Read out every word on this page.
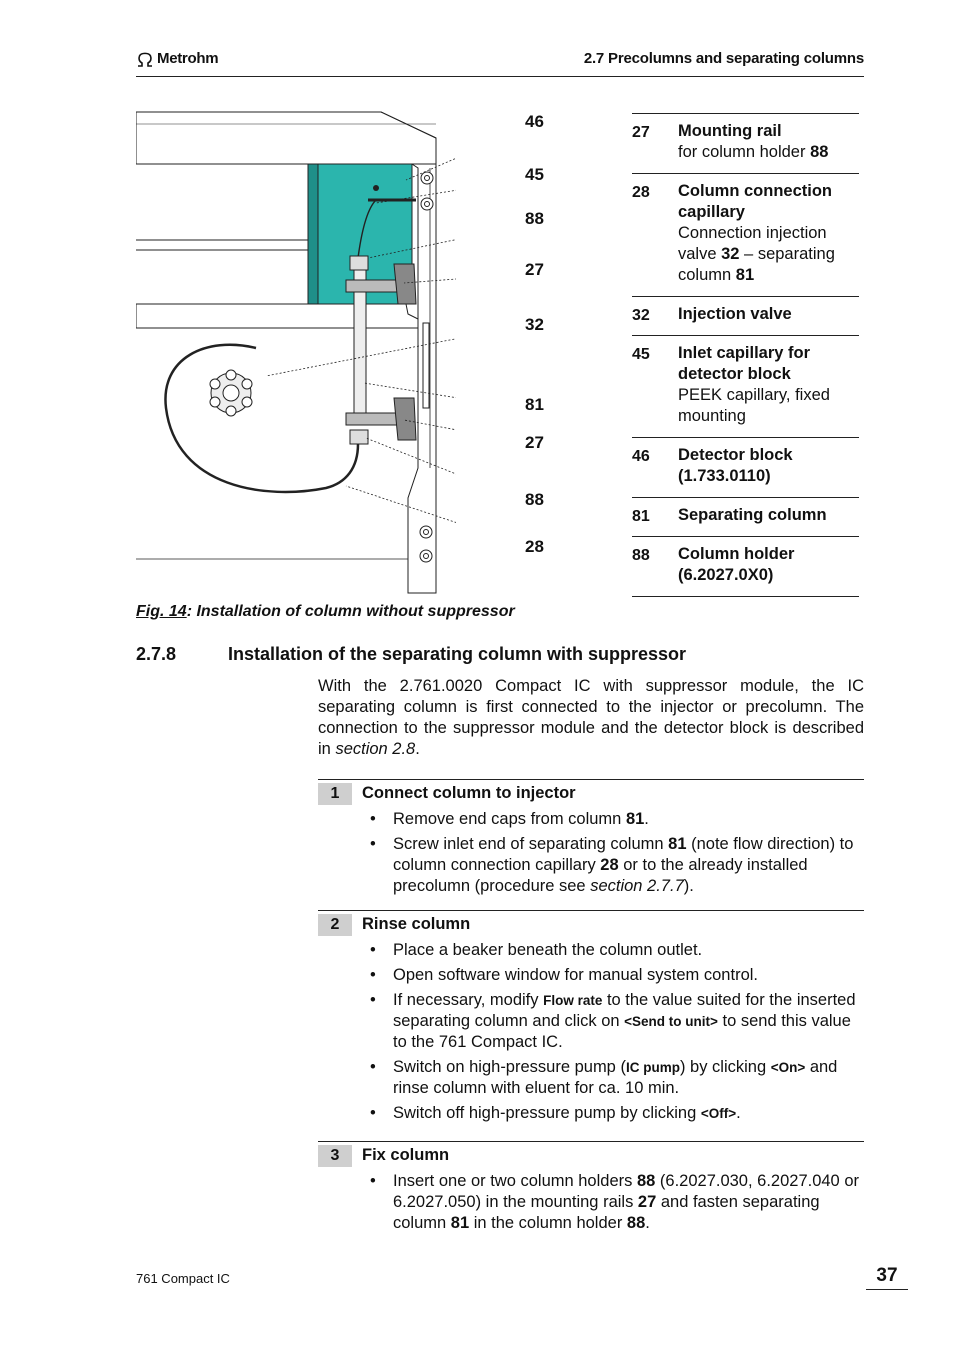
Metrohm	2.7 Precolumns and separating columns
46
45
88
27
32
81
27
88
28
27	Mounting rail
for column holder 88
28	Column connection capillary
Connection injection valve 32 – separating column 81
32	Injection valve
45	Inlet capillary for detector block
PEEK capillary, fixed mounting
46	Detector block (1.733.0110)
81	Separating column
88	Column holder (6.2027.0X0)
Fig. 14: Installation of column without suppressor
2.7.8	Installation of the separating column with suppressor
With the 2.761.0020 Compact IC with suppressor module, the IC separating column is first connected to the injector or precolumn. The connection to the suppressor module and the detector block is described in section 2.8.
1	Connect column to injector
• Remove end caps from column 81.
• Screw inlet end of separating column 81 (note flow direction) to column connection capillary 28 or to the already installed precolumn (procedure see section 2.7.7).
2	Rinse column
• Place a beaker beneath the column outlet.
• Open software window for manual system control.
• If necessary, modify Flow rate to the value suited for the inserted separating column and click on <Send to unit> to send this value to the 761 Compact IC.
• Switch on high-pressure pump (IC pump) by clicking <On> and rinse column with eluent for ca. 10 min.
• Switch off high-pressure pump by clicking <Off>.
3	Fix column
• Insert one or two column holders 88 (6.2027.030, 6.2027.040 or 6.2027.050) in the mounting rails 27 and fasten separating column 81 in the column holder 88.
761 Compact IC	37
